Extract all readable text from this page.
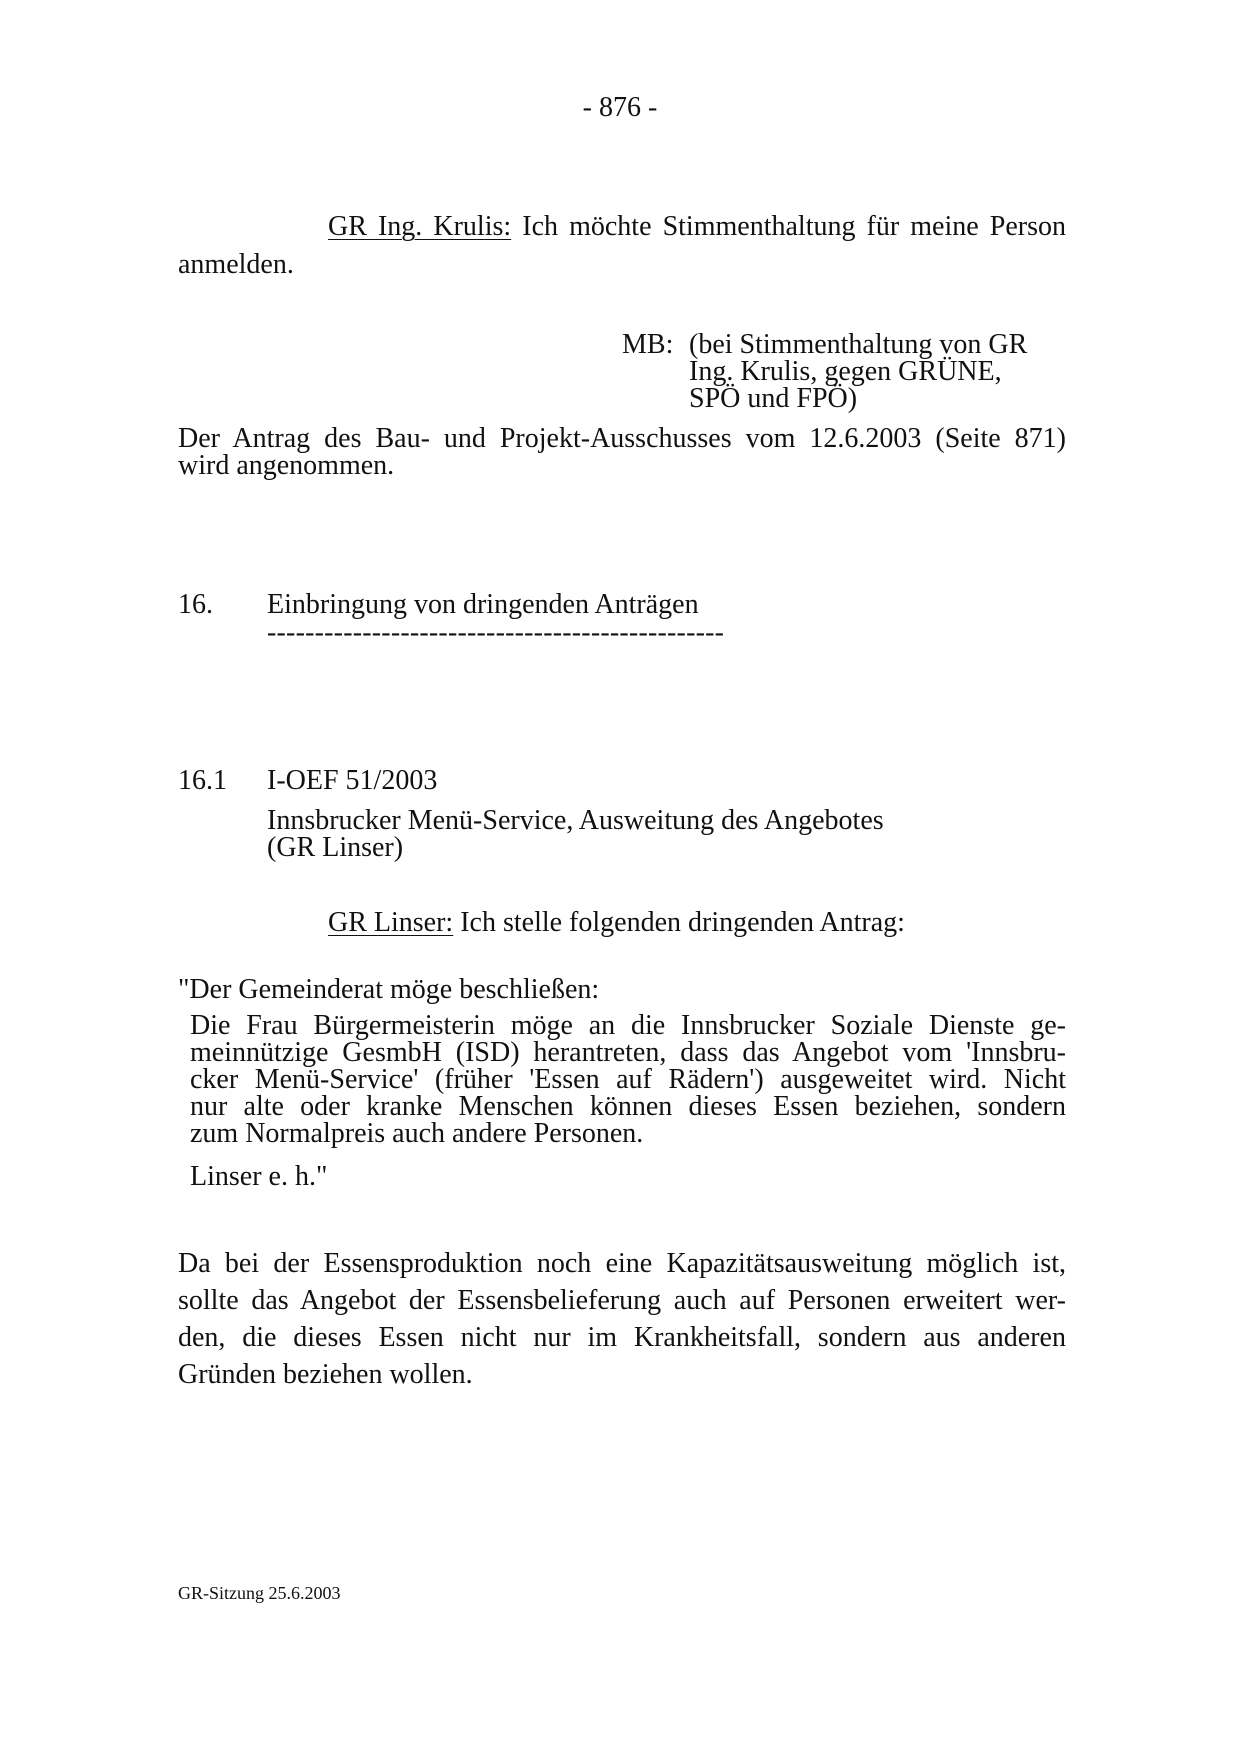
- 876 -
GR Ing. Krulis: Ich möchte Stimmenthaltung für meine Person
anmelden.
MB: (bei Stimmenthaltung von GR
Ing. Krulis, gegen GRÜNE,
SPÖ und FPÖ)
Der Antrag des Bau- und Projekt-Ausschusses vom 12.6.2003 (Seite 871)
wird angenommen.
16. Einbringung von dringenden Anträgen
------------------------------------------------
16.1 I-OEF 51/2003
Innsbrucker Menü-Service, Ausweitung des Angebotes
(GR Linser)
GR Linser: Ich stelle folgenden dringenden Antrag:
"Der Gemeinderat möge beschließen:
Die Frau Bürgermeisterin möge an die Innsbrucker Soziale Dienste ge-
meinnützige GesmbH (ISD) herantreten, dass das Angebot vom 'Innsbru-
cker Menü-Service' (früher 'Essen auf Rädern') ausgeweitet wird. Nicht
nur alte oder kranke Menschen können dieses Essen beziehen, sondern
zum Normalpreis auch andere Personen.
Linser e. h."
Da bei der Essensproduktion noch eine Kapazitätsausweitung möglich ist,
sollte das Angebot der Essensbelieferung auch auf Personen erweitert wer-
den, die dieses Essen nicht nur im Krankheitsfall, sondern aus anderen
Gründen beziehen wollen.
GR-Sitzung 25.6.2003
